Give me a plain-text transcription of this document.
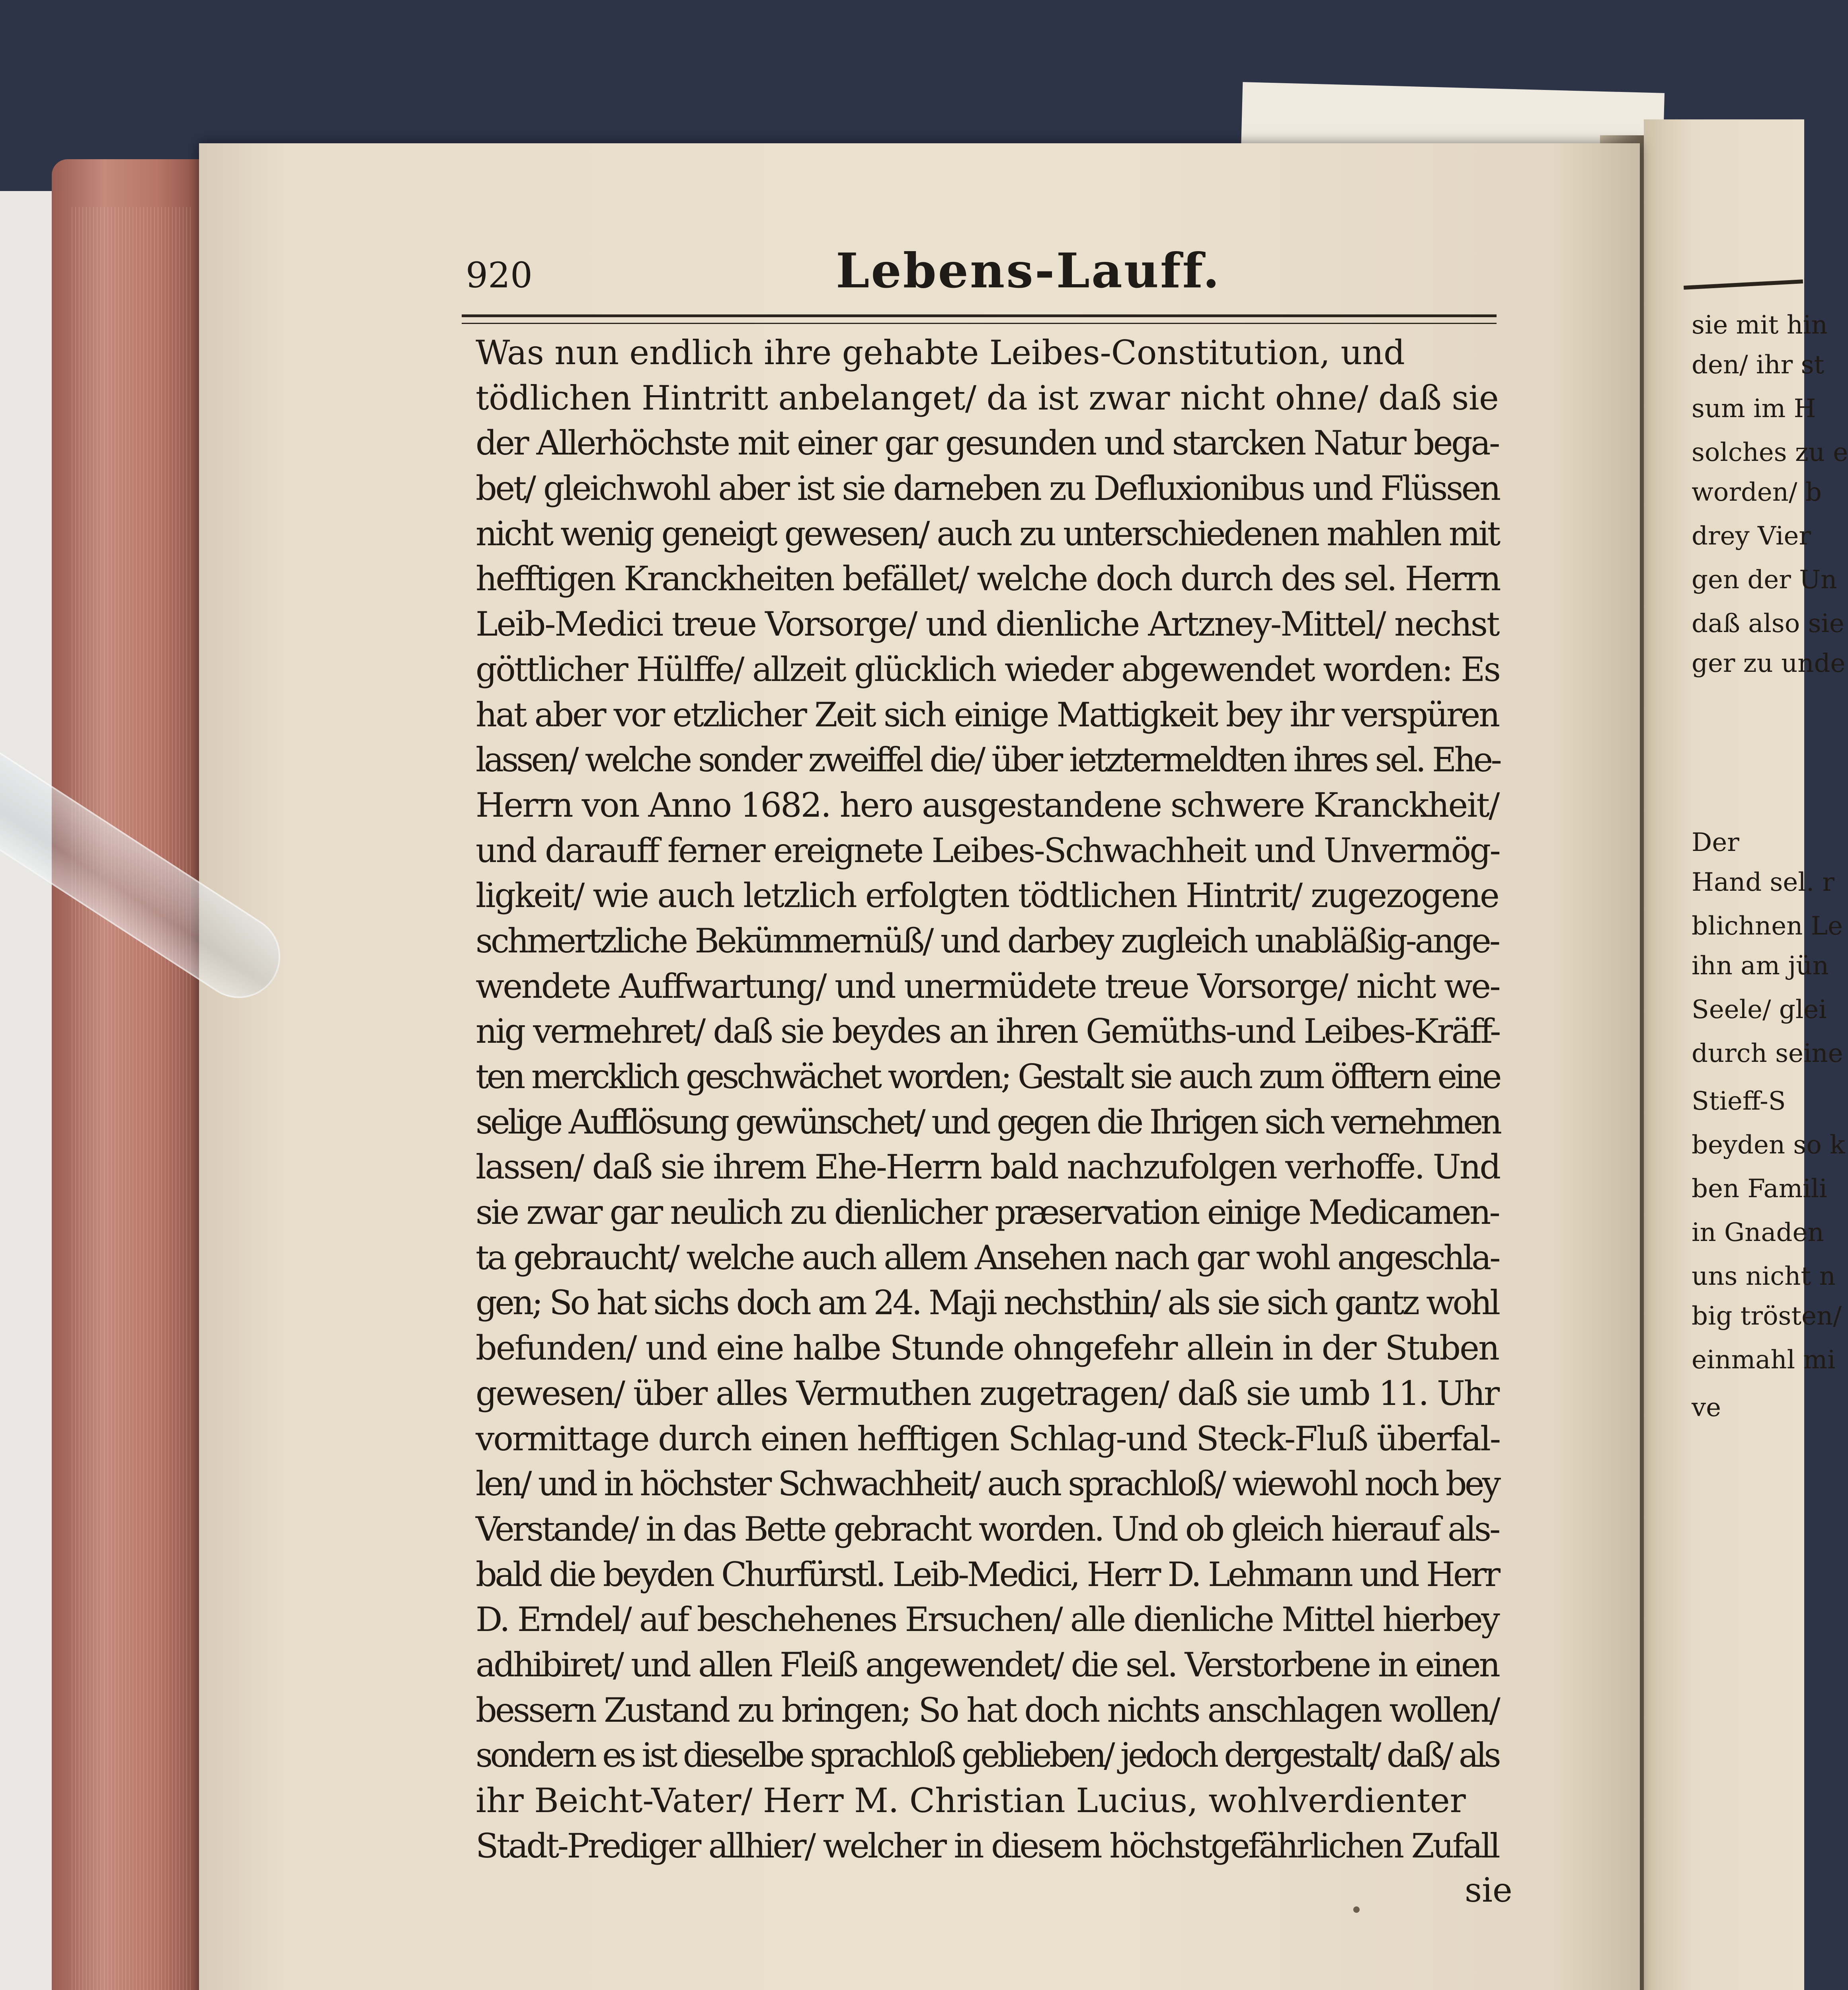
sie mit hin
den/ ihr st
sum im H
solches zu e
worden/ b
drey Vier
gen der Un
daß also sie
ger zu unde
Der
Hand sel. r
blichnen Le
ihn am jün
Seele/ glei
durch seine
Stieff-S
beyden so k
ben Famili
in Gnaden
uns nicht n
big trösten/
einmahl mi
ve
920	Lebens-Lauff.
Was nun endlich ihre gehabte Leibes-Constitution, und
tödlichen Hintritt anbelanget/ da ist zwar nicht ohne/ daß sie
der Allerhöchste mit einer gar gesunden und starcken Natur bega-
bet/ gleichwohl aber ist sie darneben zu Defluxionibus und Flüssen
nicht wenig geneigt gewesen/ auch zu unterschiedenen mahlen mit
hefftigen Kranckheiten befället/ welche doch durch des sel. Herrn
Leib-Medici treue Vorsorge/ und dienliche Artzney-Mittel/ nechst
göttlicher Hülffe/ allzeit glücklich wieder abgewendet worden: Es
hat aber vor etzlicher Zeit sich einige Mattigkeit bey ihr verspüren
lassen/ welche sonder zweiffel die/ über ietztermeldten ihres sel. Ehe-
Herrn von Anno 1682. hero ausgestandene schwere Kranckheit/
und darauff ferner ereignete Leibes-Schwachheit und Unvermög-
ligkeit/ wie auch letzlich erfolgten tödtlichen Hintrit/ zugezogene
schmertzliche Bekümmernüß/ und darbey zugleich unabläßig-ange-
wendete Auffwartung/ und unermüdete treue Vorsorge/ nicht we-
nig vermehret/ daß sie beydes an ihren Gemüths-und Leibes-Kräff-
ten mercklich geschwächet worden; Gestalt sie auch zum öfftern eine
selige Aufflösung gewünschet/ und gegen die Ihrigen sich vernehmen
lassen/ daß sie ihrem Ehe-Herrn bald nachzufolgen verhoffe. Und
sie zwar gar neulich zu dienlicher præservation einige Medicamen-
ta gebraucht/ welche auch allem Ansehen nach gar wohl angeschla-
gen; So hat sichs doch am 24. Maji nechsthin/ als sie sich gantz wohl
befunden/ und eine halbe Stunde ohngefehr allein in der Stuben
gewesen/ über alles Vermuthen zugetragen/ daß sie umb 11. Uhr
vormittage durch einen hefftigen Schlag-und Steck-Fluß überfal-
len/ und in höchster Schwachheit/ auch sprachloß/ wiewohl noch bey
Verstande/ in das Bette gebracht worden. Und ob gleich hierauf als-
bald die beyden Churfürstl. Leib-Medici, Herr D. Lehmann und Herr
D. Erndel/ auf beschehenes Ersuchen/ alle dienliche Mittel hierbey
adhibiret/ und allen Fleiß angewendet/ die sel. Verstorbene in einen
bessern Zustand zu bringen; So hat doch nichts anschlagen wollen/
sondern es ist dieselbe sprachloß geblieben/ jedoch dergestalt/ daß/ als
ihr Beicht-Vater/ Herr M. Christian Lucius, wohlverdienter
Stadt-Prediger allhier/ welcher in diesem höchstgefährlichen Zufall
sie
